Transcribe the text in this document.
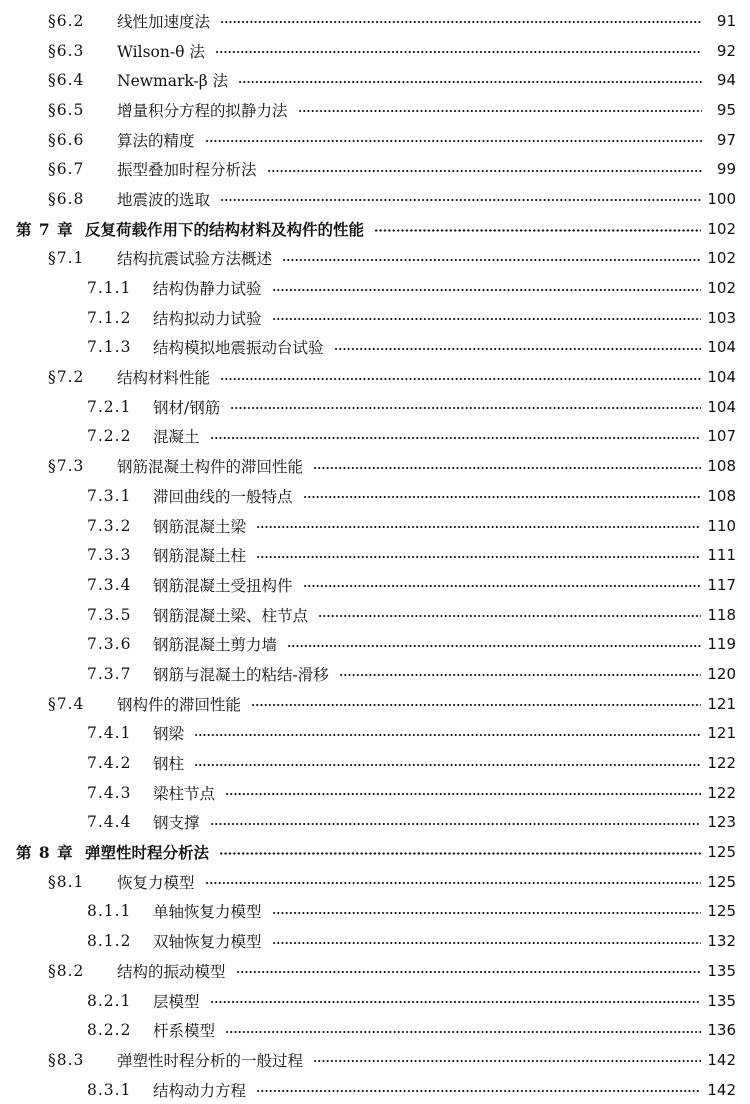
§6.2	线性加速度法	91
§6.3	Wilson-θ 法	92
§6.4	Newmark-β 法	94
§6.5	增量积分方程的拟静力法	95
§6.6	算法的精度	97
§6.7	振型叠加时程分析法	99
§6.8	地震波的选取	100
第 7 章 反复荷载作用下的结构材料及构件的性能	102
§7.1	结构抗震试验方法概述	102
7.1.1	结构伪静力试验	102
7.1.2	结构拟动力试验	103
7.1.3	结构模拟地震振动台试验	104
§7.2	结构材料性能	104
7.2.1	钢材/钢筋	104
7.2.2	混凝土	107
§7.3	钢筋混凝土构件的滞回性能	108
7.3.1	滞回曲线的一般特点	108
7.3.2	钢筋混凝土梁	110
7.3.3	钢筋混凝土柱	111
7.3.4	钢筋混凝土受扭构件	117
7.3.5	钢筋混凝土梁、柱节点	118
7.3.6	钢筋混凝土剪力墙	119
7.3.7	钢筋与混凝土的粘结-滑移	120
§7.4	钢构件的滞回性能	121
7.4.1	钢梁	121
7.4.2	钢柱	122
7.4.3	梁柱节点	122
7.4.4	钢支撑	123
第 8 章 弹塑性时程分析法	125
§8.1	恢复力模型	125
8.1.1	单轴恢复力模型	125
8.1.2	双轴恢复力模型	132
§8.2	结构的振动模型	135
8.2.1	层模型	135
8.2.2	杆系模型	136
§8.3	弹塑性时程分析的一般过程	142
8.3.1	结构动力方程	142
